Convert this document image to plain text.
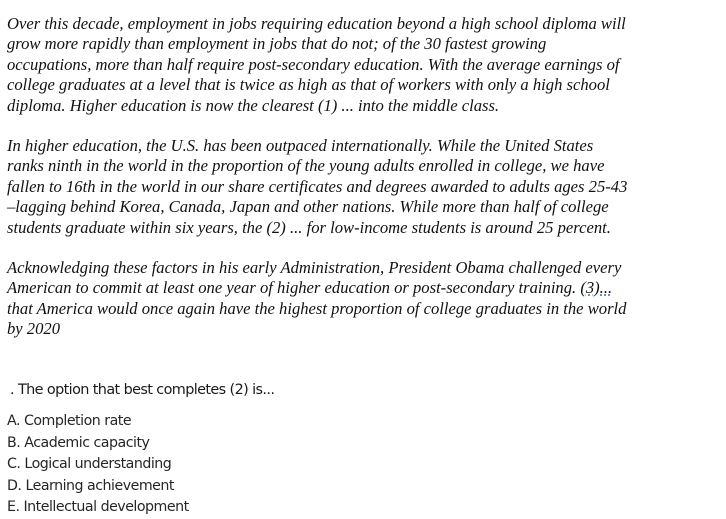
Over this decade, employment in jobs requiring education beyond a high school diploma will
grow more rapidly than employment in jobs that do not; of the 30 fastest growing
occupations, more than half require post-secondary education. With the average earnings of
college graduates at a level that is twice as high as that of workers with only a high school
diploma. Higher education is now the clearest (1) ... into the middle class.

In higher education, the U.S. has been outpaced internationally. While the United States
ranks ninth in the world in the proportion of the young adults enrolled in college, we have
fallen to 16th in the world in our share certificates and degrees awarded to adults ages 25-43
–lagging behind Korea, Canada, Japan and other nations. While more than half of college
students graduate within six years, the (2) ... for low-income students is around 25 percent.

Acknowledging these factors in his early Administration, President Obama challenged every
American to commit at least one year of higher education or post-secondary training. (3)...
that America would once again have the highest proportion of college graduates in the world
by 2020

. The option that best completes (2) is...
A. Completion rate
B. Academic capacity
C. Logical understanding
D. Learning achievement
E. Intellectual development
